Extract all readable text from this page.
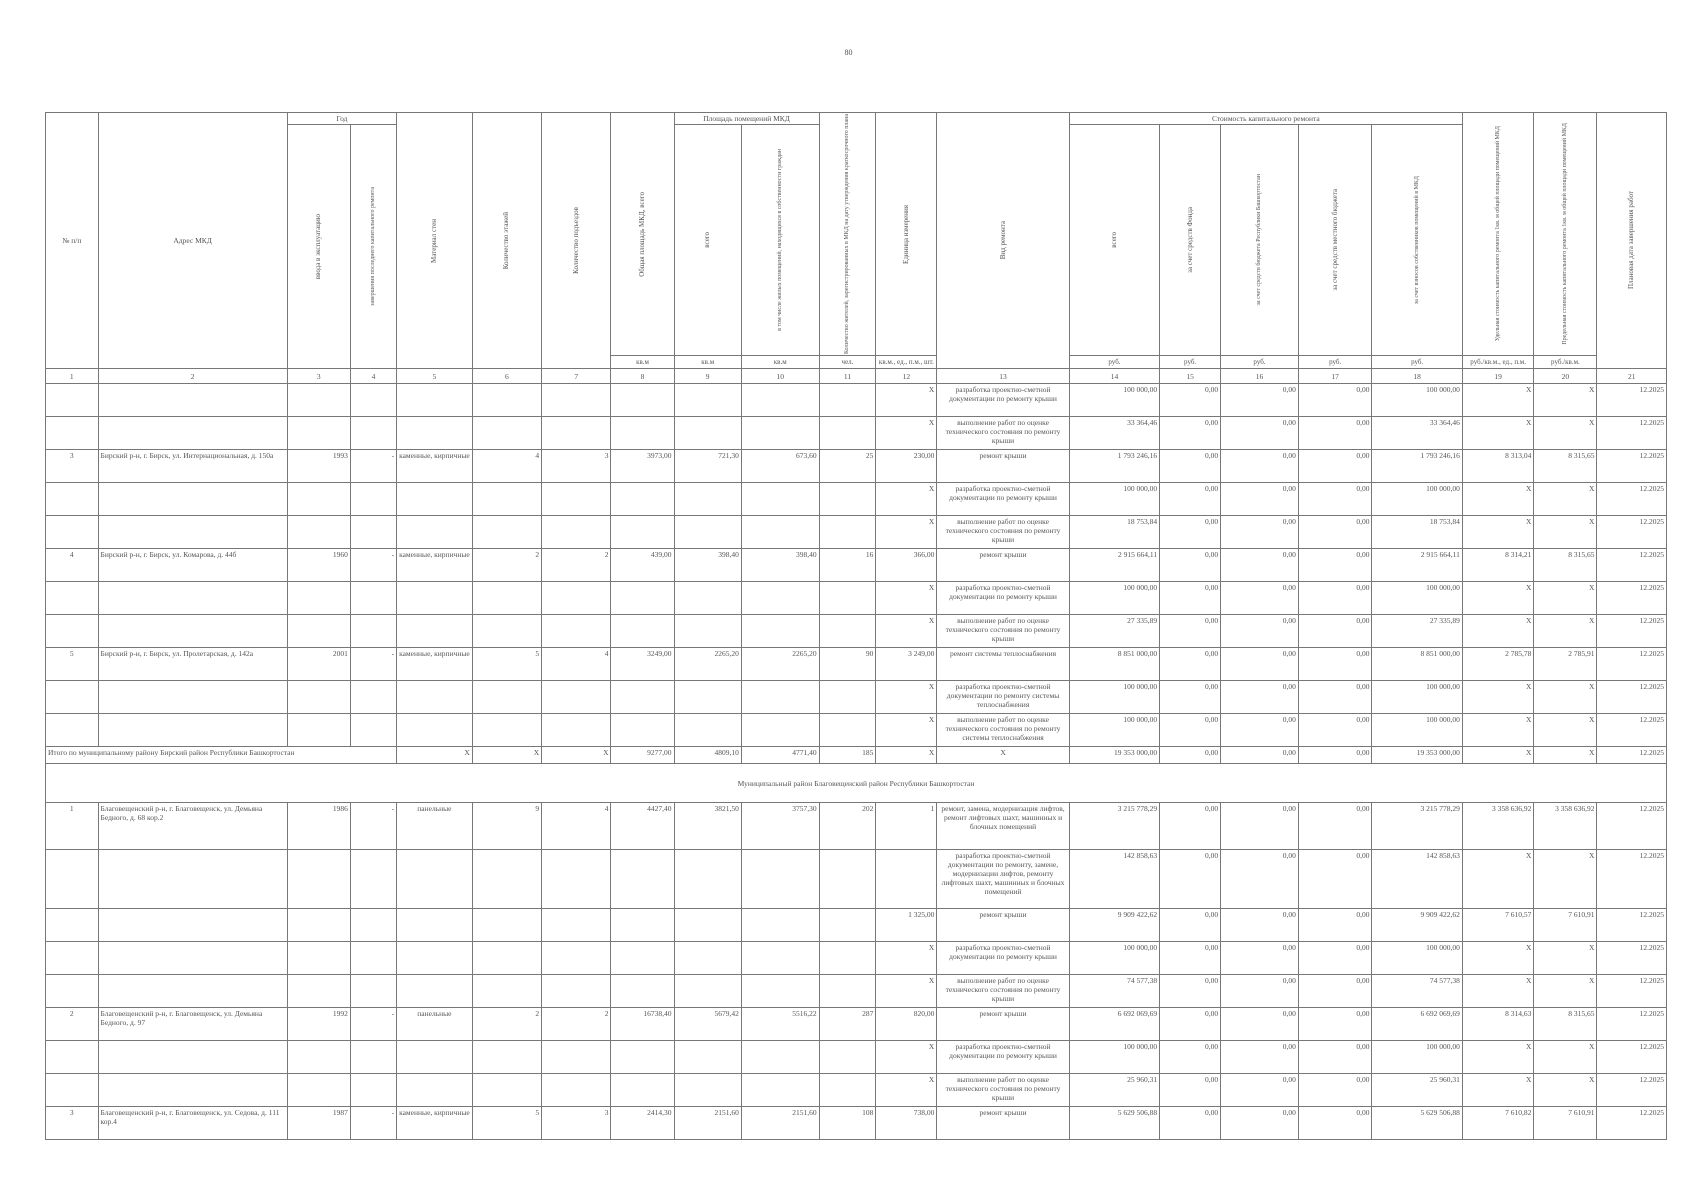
80
№ п/п	Адрес МКД	Год		Материал стен	Количество этажей	Количество подъездов	Общая площадь МКД, всего	Площадь помещений МКД		Количество жителей, зарегистрированных в МКД на дату утверждения краткосрочного плана	Единица измерения	Вид ремонта	Стоимость капитального ремонта					Удельная стоимость капитального ремонта 1кв. м общей площади помещений МКД	Предельная стоимость капитального ремонта 1кв. м общей площади помещений МКД	Плановая дата завершения работ

		ввода в эксплуатацию	завершения последнего капитального ремонта					всего	в том числе жилых помещений, находящихся в собственности граждан				всего	за счет средств Фонда	за счет средств бюджета Республики Башкортостан	за счет средств местного бюджета	за счет взносов собственников помещений в МКД			

							кв.м	кв.м	кв.м	чел.	кв.м., ед., п.м., шт.		руб.	руб.	руб.	руб.	руб.	руб./кв.м., ед., п.м.	руб./кв.м.	
1	2	3	4	5	6	7	8	9	10	11	12	13	14	15	16	17	18	19	20	21
											X	разработка проектно-сметной документации по ремонту крыши	100 000,00	0,00	0,00	0,00	100 000,00	X	X	12.2025
											X	выполнение работ по оценке технического состояния по ремонту крыши	33 364,46	0,00	0,00	0,00	33 364,46	X	X	12.2025
3	Бирский р-н, г. Бирск, ул. Интернациональная, д. 150а	1993	-	каменные, кирпичные	4	3	3973,00	721,30	673,60	25	230,00	ремонт крыши	1 793 246,16	0,00	0,00	0,00	1 793 246,16	8 313,04	8 315,65	12.2025
											X	разработка проектно-сметной документации по ремонту крыши	100 000,00	0,00	0,00	0,00	100 000,00	X	X	12.2025
											X	выполнение работ по оценке технического состояния по ремонту крыши	18 753,84	0,00	0,00	0,00	18 753,84	X	X	12.2025
4	Бирский р-н, г. Бирск, ул. Комарова, д. 44б	1960	-	каменные, кирпичные	2	2	439,00	398,40	398,40	16	366,00	ремонт крыши	2 915 664,11	0,00	0,00	0,00	2 915 664,11	8 314,21	8 315,65	12.2025
											X	разработка проектно-сметной документации по ремонту крыши	100 000,00	0,00	0,00	0,00	100 000,00	X	X	12.2025
											X	выполнение работ по оценке технического состояния по ремонту крыши	27 335,89	0,00	0,00	0,00	27 335,89	X	X	12.2025
5	Бирский р-н, г. Бирск, ул. Пролетарская, д. 142а	2001	-	каменные, кирпичные	5	4	3249,00	2265,20	2265,20	90	3 249,00	ремонт системы теплоснабжения	8 851 000,00	0,00	0,00	0,00	8 851 000,00	2 785,78	2 785,91	12.2025
											X	разработка проектно-сметной документации по ремонту системы теплоснабжения	100 000,00	0,00	0,00	0,00	100 000,00	X	X	12.2025
											X	выполнение работ по оценке технического состояния по ремонту системы теплоснабжения	100 000,00	0,00	0,00	0,00	100 000,00	X	X	12.2025
Итого по муниципальному району Бирский район Республики Башкортостан				X	X	X	9277,00	4809,10	4771,40	185	X	X	19 353 000,00	0,00	0,00	0,00	19 353 000,00	X	X	12.2025
Муниципальный район Благовещенский район Республики Башкортостан																				
1	Благовещенский р-н, г. Благовещенск, ул. Демьяна Бедного, д. 68 кор.2	1986	-	панельные	9	4	4427,40	3821,50	3757,30	202	1	ремонт, замена, модернизация лифтов, ремонт лифтовых шахт, машинных и блочных помещений	3 215 778,29	0,00	0,00	0,00	3 215 778,29	3 358 636,92	3 358 636,92	12.2025
												разработка проектно-сметной документации по ремонту, замене, модернизации лифтов, ремонту лифтовых шахт, машинных и блочных помещений	142 858,63	0,00	0,00	0,00	142 858,63	X	X	12.2025
											1 325,00	ремонт крыши	9 909 422,62	0,00	0,00	0,00	9 909 422,62	7 610,57	7 610,91	12.2025
											X	разработка проектно-сметной документации по ремонту крыши	100 000,00	0,00	0,00	0,00	100 000,00	X	X	12.2025
											X	выполнение работ по оценке технического состояния по ремонту крыши	74 577,38	0,00	0,00	0,00	74 577,38	X	X	12.2025
2	Благовещенский р-н, г. Благовещенск, ул. Демьяна Бедного, д. 97	1992	-	панельные	2	2	16738,40	5679,42	5516,22	287	820,00	ремонт крыши	6 692 069,69	0,00	0,00	0,00	6 692 069,69	8 314,63	8 315,65	12.2025
											X	разработка проектно-сметной документации по ремонту крыши	100 000,00	0,00	0,00	0,00	100 000,00	X	X	12.2025
											X	выполнение работ по оценке технического состояния по ремонту крыши	25 960,31	0,00	0,00	0,00	25 960,31	X	X	12.2025
3	Благовещенский р-н, г. Благовещенск, ул. Седова, д. 111 кор.4	1987	-	каменные, кирпичные	5	3	2414,30	2151,60	2151,60	108	738,00	ремонт крыши	5 629 506,88	0,00	0,00	0,00	5 629 506,88	7 610,82	7 610,91	12.2025
